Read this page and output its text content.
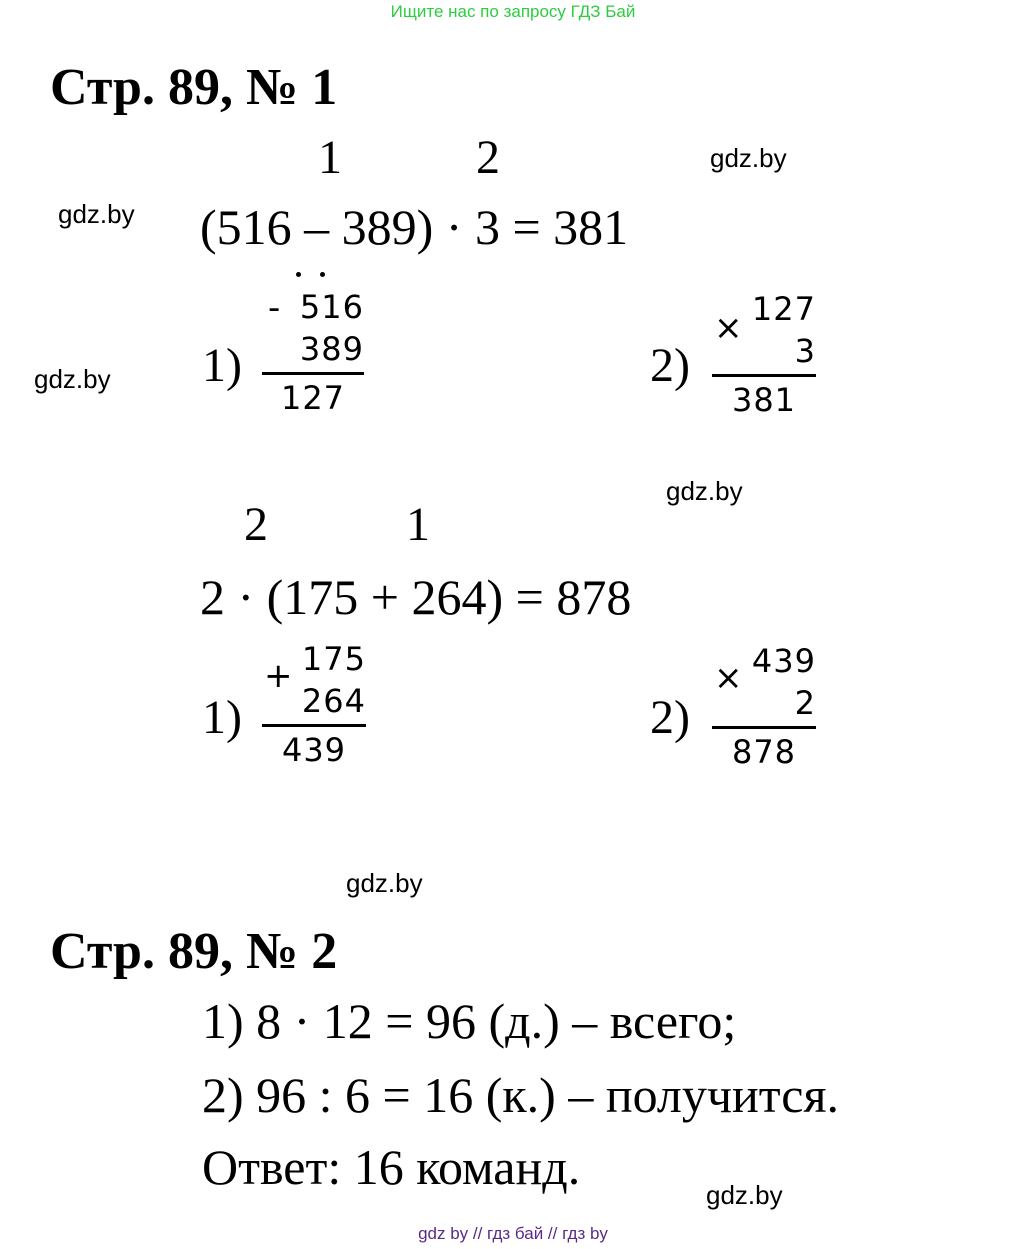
Ищите нас по запросу ГДЗ Бай
Стр. 89, № 1
1	2	gdz.by
gdz.by (516 – 389) · 3 = 381
gdz.by 1)
- 516
389
127
2)
× 127
3
381
gdz.by
2	1
2 · (175 + 264) = 878
1)
+ 175
264
439
2)
× 439
2
878
gdz.by
Стр. 89, № 2
1) 8 · 12 = 96 (д.) – всего;
2) 96 : 6 = 16 (к.) – получится.
Ответ: 16 команд.	gdz.by
gdz by // гдз бай // гдз by
